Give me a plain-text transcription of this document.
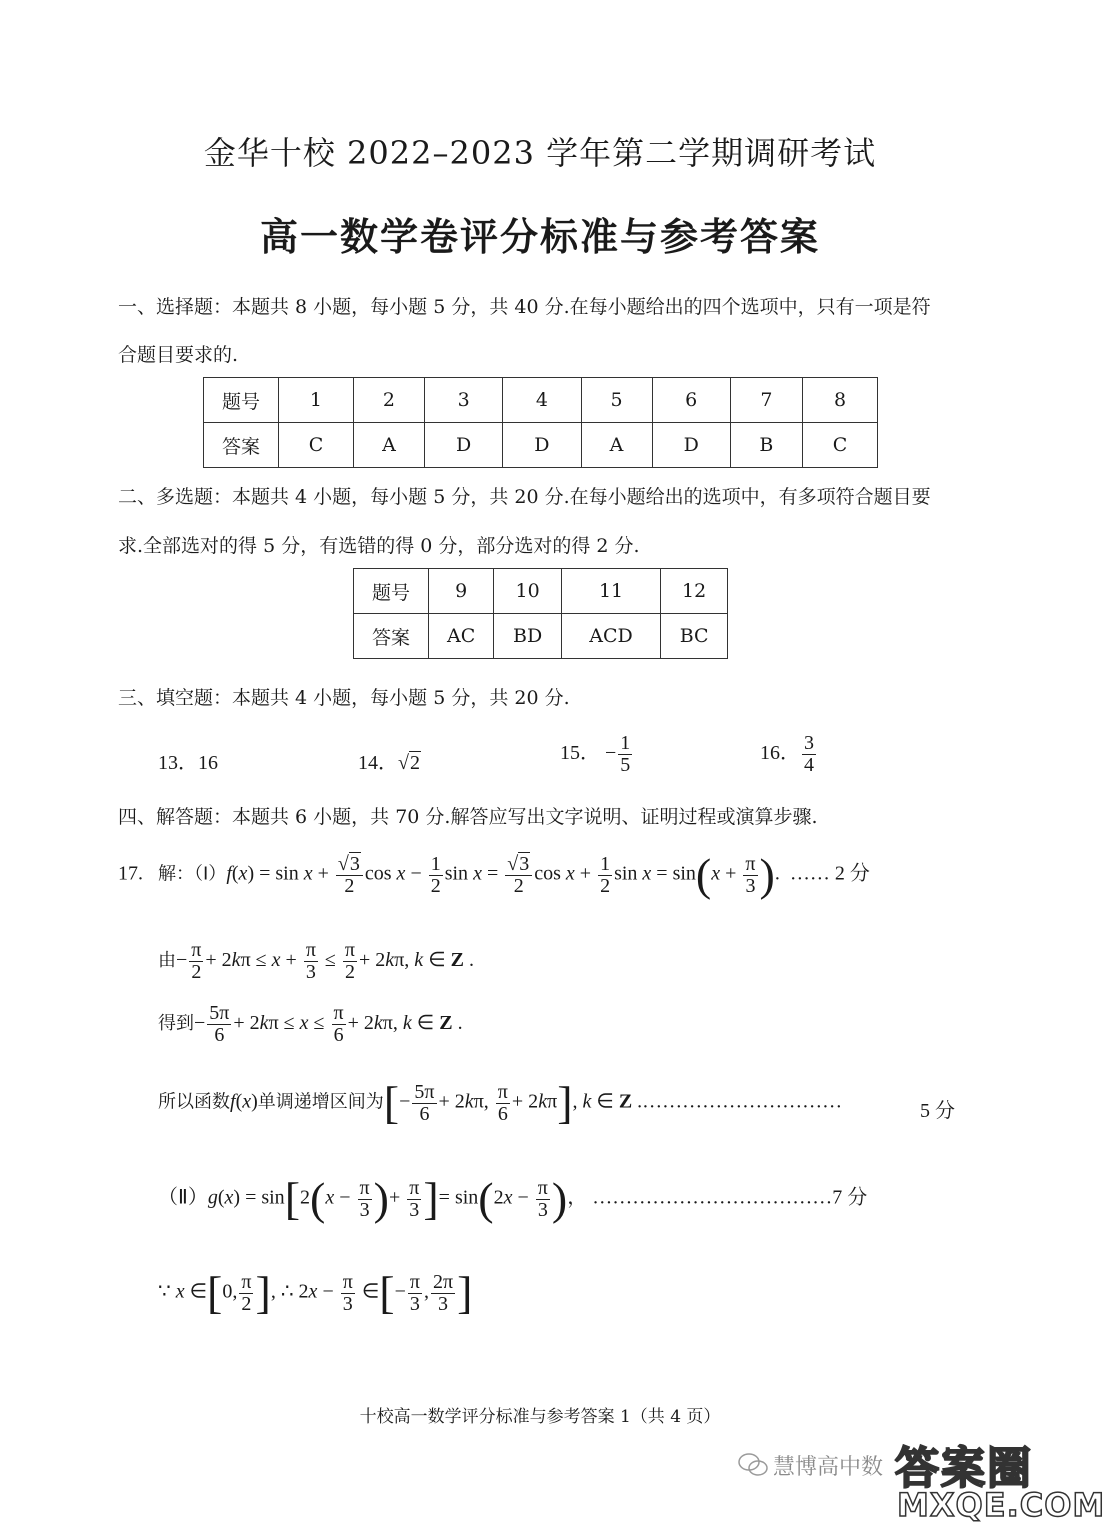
金华十校 2022–2023 学年第二学期调研考试
高一数学卷评分标准与参考答案
一、选择题：本题共 8 小题，每小题 5 分，共 40 分.在每小题给出的四个选项中，只有一项是符
合题目要求的.
题号	1	2	3	4	5	6	7	8
答案	C	A	D	D	A	D	B	C
二、多选题：本题共 4 小题，每小题 5 分，共 20 分.在每小题给出的选项中，有多项符合题目要
求.全部选对的得 5 分，有选错的得 0 分，部分选对的得 2 分.
题号	9	10	11	12
答案	AC	BD	ACD	BC
三、填空题：本题共 4 小题，每小题 5 分，共 20 分.
13．16	14．√2	15． − $\frac{1}{5}$	16． $\frac{3}{4}$
四、解答题：本题共 6 小题，共 70 分.解答应写出文字说明、证明过程或演算步骤.
17. 解：（Ⅰ）f(x) = $\sin x + \frac{√3}{2}$ $\cos x - \frac{1}{2}$ $\sin x = \frac{√3}{2}$ $\cos x + \frac{1}{2}$ $\sin x = \sin(x + \frac{\pi}{3}$ ).  …… 2 分
由− $\frac{\pi}{2} + 2k\pi \le x + \frac{\pi}{3} \le \frac{\pi}{2} + 2k\pi$, k ∈ Z .
得到− $\frac{5\pi}{6} + 2k\pi \le x \le \frac{\pi}{6} + 2k\pi$, k ∈ Z .
所以函数f(x)单调递增区间为[− $\frac{5\pi}{6} + 2k\pi$, $\frac{\pi}{6} + 2k\pi$], k ∈ Z .…………………………	5 分
（Ⅱ）g(x) = $\sin[2(x - \frac{\pi}{3}$ )+ $\frac{\pi}{3}$ ]= $\sin(2x - \frac{\pi}{3}$ )， ………………………………7 分
∵ x ∈[0, $\frac{\pi}{2}$ ], ∴ $2x - \frac{\pi}{3}$ ∈[− $\frac{\pi}{3}$ , $\frac{2\pi}{3}$ ]
十校高一数学评分标准与参考答案 1（共 4 页）
慧博高中数 答案圈
MXQE.COM
